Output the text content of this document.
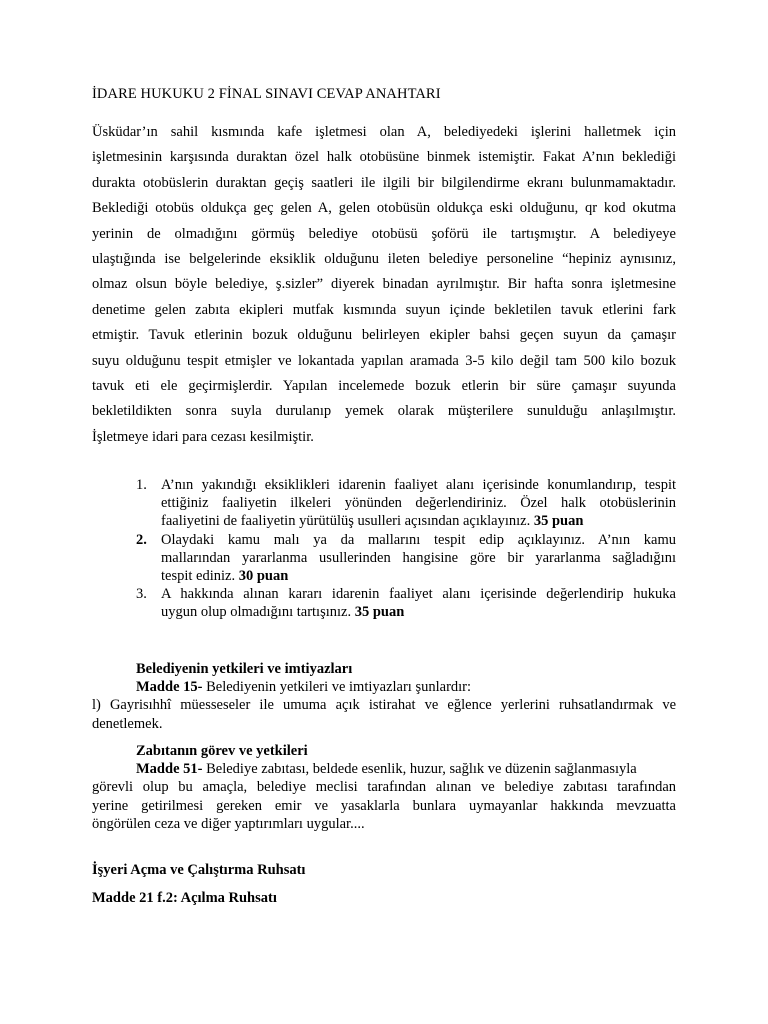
İDARE HUKUKU 2 FİNAL SINAVI CEVAP ANAHTARI
Üsküdar’ın sahil kısmında kafe işletmesi olan A, belediyedeki işlerini halletmek için
işletmesinin karşısında duraktan özel halk otobüsüne binmek istemiştir. Fakat A’nın beklediği
durakta otobüslerin duraktan geçiş saatleri ile ilgili bir bilgilendirme ekranı bulunmamaktadır.
Beklediği otobüs oldukça geç gelen A, gelen otobüsün oldukça eski olduğunu, qr kod okutma
yerinin de olmadığını görmüş belediye otobüsü şoförü ile tartışmıştır. A belediyeye
ulaştığında ise belgelerinde eksiklik olduğunu ileten belediye personeline “hepiniz aynısınız,
olmaz olsun böyle belediye, ş.sizler” diyerek binadan ayrılmıştır. Bir hafta sonra işletmesine
denetime gelen zabıta ekipleri mutfak kısmında suyun içinde bekletilen tavuk etlerini fark
etmiştir. Tavuk etlerinin bozuk olduğunu belirleyen ekipler bahsi geçen suyun da çamaşır
suyu olduğunu tespit etmişler ve lokantada yapılan aramada 3-5 kilo değil tam 500 kilo bozuk
tavuk eti ele geçirmişlerdir. Yapılan incelemede bozuk etlerin bir süre çamaşır suyunda
bekletildikten sonra suyla durulanıp yemek olarak müşterilere sunulduğu anlaşılmıştır.
İşletmeye idari para cezası kesilmiştir.
1. A’nın yakındığı eksiklikleri idarenin faaliyet alanı içerisinde konumlandırıp, tespit
ettiğiniz faaliyetin ilkeleri yönünden değerlendiriniz. Özel halk otobüslerinin
faaliyetini de faaliyetin yürütülüş usulleri açısından açıklayınız. 35 puan
2. Olaydaki kamu malı ya da mallarını tespit edip açıklayınız. A’nın kamu
mallarından yararlanma usullerinden hangisine göre bir yararlanma sağladığını
tespit ediniz. 30 puan
3. A hakkında alınan kararı idarenin faaliyet alanı içerisinde değerlendirip hukuka
uygun olup olmadığını tartışınız. 35 puan
Belediyenin yetkileri ve imtiyazları
Madde 15- Belediyenin yetkileri ve imtiyazları şunlardır:
l) Gayrisıhhî müesseseler ile umuma açık istirahat ve eğlence yerlerini ruhsatlandırmak ve
denetlemek.
Zabıtanın görev ve yetkileri
Madde 51- Belediye zabıtası, beldede esenlik, huzur, sağlık ve düzenin sağlanmasıyla
görevli olup bu amaçla, belediye meclisi tarafından alınan ve belediye zabıtası tarafından
yerine getirilmesi gereken emir ve yasaklarla bunlara uymayanlar hakkında mevzuatta
öngörülen ceza ve diğer yaptırımları uygular....
İşyeri Açma ve Çalıştırma Ruhsatı
Madde 21 f.2: Açılma Ruhsatı
